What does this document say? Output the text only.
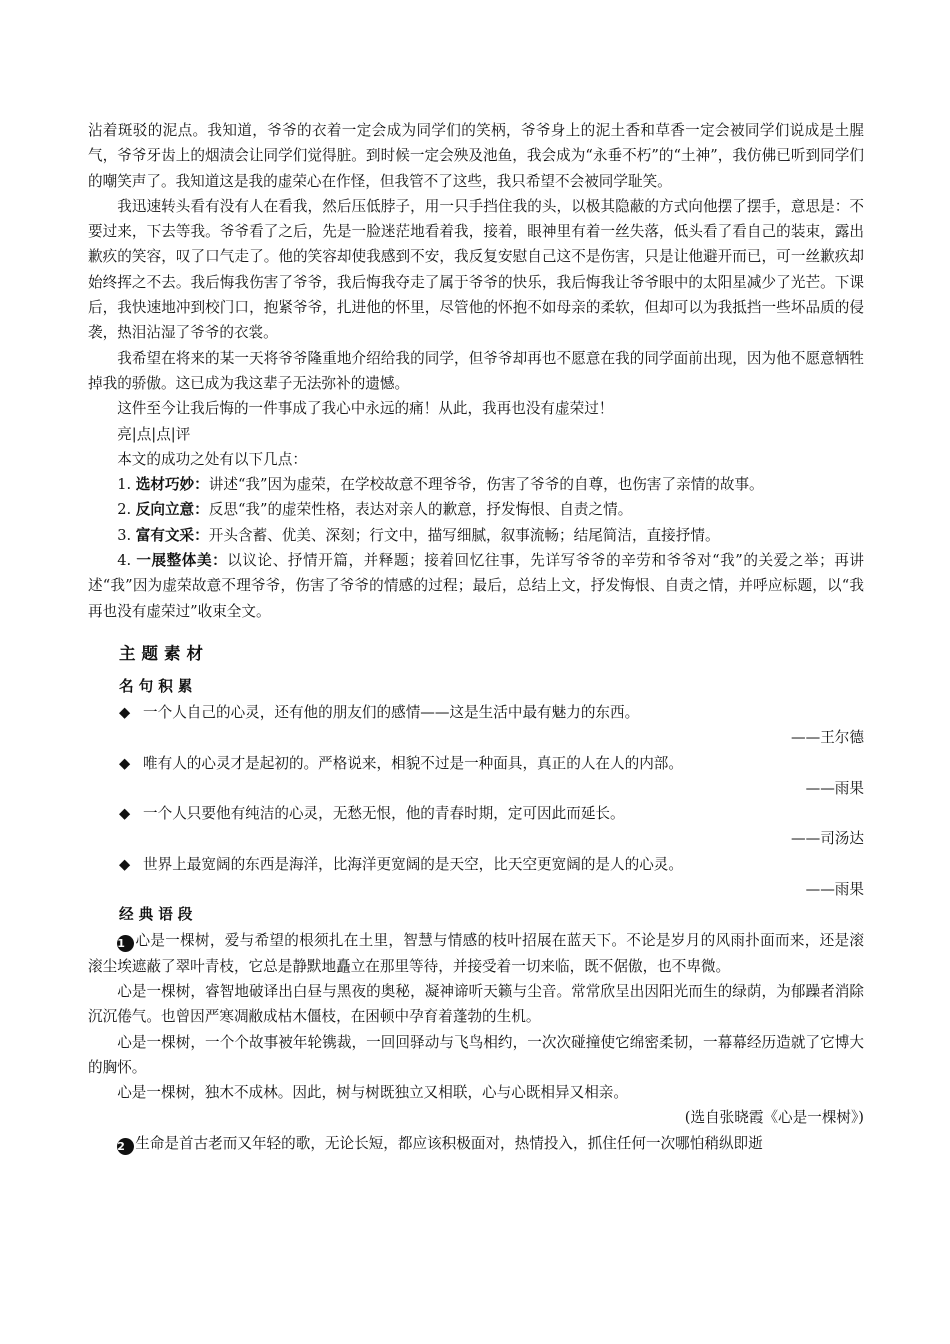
沾着斑驳的泥点。我知道，爷爷的衣着一定会成为同学们的笑柄，爷爷身上的泥土香和草香一定会被同学们说成是土腥气，爷爷牙齿上的烟渍会让同学们觉得脏。到时候一定会殃及池鱼，我会成为“永垂不朽”的“土神”，我仿佛已听到同学们的嘲笑声了。我知道这是我的虚荣心在作怪，但我管不了这些，我只希望不会被同学耻笑。

我迅速转头看有没有人在看我，然后压低脖子，用一只手挡住我的头，以极其隐蔽的方式向他摆了摆手，意思是：不要过来，下去等我。爷爷看了之后，先是一脸迷茫地看着我，接着，眼神里有着一丝失落，低头看了看自己的装束，露出歉疚的笑容，叹了口气走了。他的笑容却使我感到不安，我反复安慰自己这不是伤害，只是让他避开而已，可一丝歉疚却始终挥之不去。我后悔我伤害了爷爷，我后悔我夺走了属于爷爷的快乐，我后悔我让爷爷眼中的太阳星减少了光芒。下课后，我快速地冲到校门口，抱紧爷爷，扎进他的怀里，尽管他的怀抱不如母亲的柔软，但却可以为我抵挡一些坏品质的侵袭，热泪沾湿了爷爷的衣裳。

我希望在将来的某一天将爷爷隆重地介绍给我的同学，但爷爷却再也不愿意在我的同学面前出现，因为他不愿意牺牲掉我的骄傲。这已成为我这辈子无法弥补的遗憾。

这件至今让我后悔的一件事成了我心中永远的痛！从此，我再也没有虚荣过！

亮|点|点|评

本文的成功之处有以下几点：

1. 选材巧妙：讲述“我”因为虚荣，在学校故意不理爷爷，伤害了爷爷的自尊，也伤害了亲情的故事。

2. 反向立意：反思“我”的虚荣性格，表达对亲人的歉意，抒发悔恨、自责之情。

3. 富有文采：开头含蓄、优美、深刻；行文中，描写细腻，叙事流畅；结尾简洁，直接抒情。

4. 一展整体美：以议论、抒情开篇，并释题；接着回忆往事，先详写爷爷的辛劳和爷爷对“我”的关爱之举；再讲述“我”因为虚荣故意不理爷爷，伤害了爷爷的情感的过程；最后，总结上文，抒发悔恨、自责之情，并呼应标题，以“我再也没有虚荣过”收束全文。

主题素材
名句积累

◆ 一个人自己的心灵，还有他的朋友们的感情——这是生活中最有魅力的东西。

——王尔德

◆ 唯有人的心灵才是起初的。严格说来，相貌不过是一种面具，真正的人在人的内部。

——雨果

◆ 一个人只要他有纯洁的心灵，无愁无恨，他的青春时期，定可因此而延长。

——司汤达

◆ 世界上最宽阔的东西是海洋，比海洋更宽阔的是天空，比天空更宽阔的是人的心灵。

——雨果

经典语段

1 心是一棵树，爱与希望的根须扎在土里，智慧与情感的枝叶招展在蓝天下。不论是岁月的风雨扑面而来，还是滚滚尘埃遮蔽了翠叶青枝，它总是静默地矗立在那里等待，并接受着一切来临，既不倨傲，也不卑微。

心是一棵树，睿智地破译出白昼与黑夜的奥秘，凝神谛听天籁与尘音。常常欣呈出因阳光而生的绿荫，为郁躁者消除沉沉倦气。也曾因严寒凋敝成枯木僵枝，在困顿中孕育着蓬勃的生机。

心是一棵树，一个个故事被年轮镌裁，一回回驿动与飞鸟相约，一次次碰撞使它绵密柔韧，一幕幕经历造就了它博大的胸怀。

心是一棵树，独木不成林。因此，树与树既独立又相联，心与心既相异又相亲。

(选自张晓霞《心是一棵树》)

2 生命是首古老而又年轻的歌，无论长短，都应该积极面对，热情投入，抓住任何一次哪怕稍纵即逝
